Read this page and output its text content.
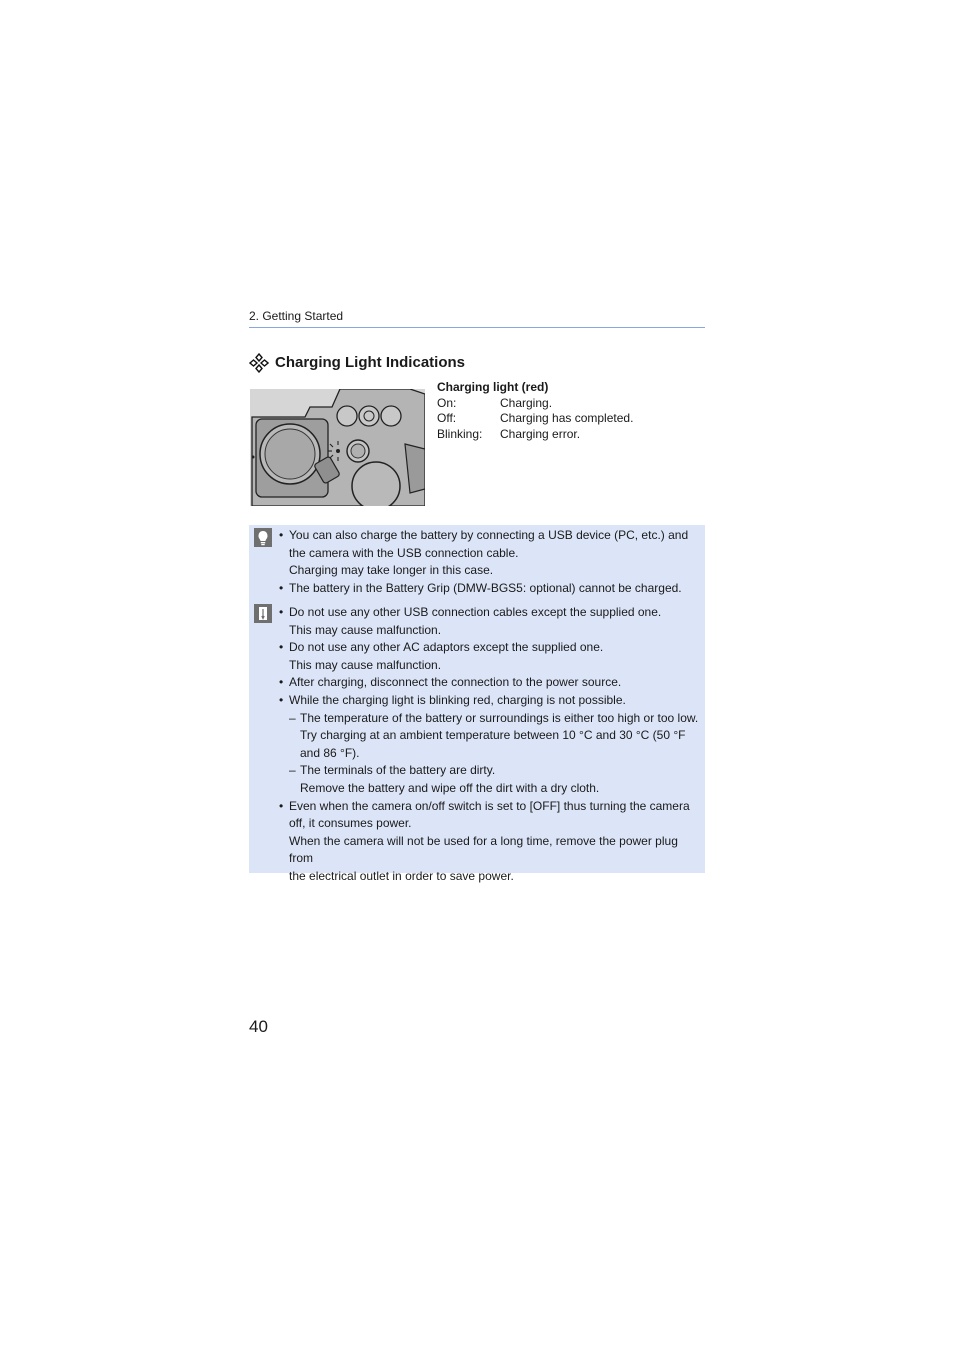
2. Getting Started
Charging Light Indications
Charging light (red)
On:	Charging.
Off:	Charging has completed.
Blinking:	Charging error.
• You can also charge the battery by connecting a USB device (PC, etc.) and
the camera with the USB connection cable.
Charging may take longer in this case.
• The battery in the Battery Grip (DMW-BGS5: optional) cannot be charged.
• Do not use any other USB connection cables except the supplied one.
This may cause malfunction.
• Do not use any other AC adaptors except the supplied one.
This may cause malfunction.
• After charging, disconnect the connection to the power source.
• While the charging light is blinking red, charging is not possible.
– The temperature of the battery or surroundings is either too high or too low.
Try charging at an ambient temperature between 10 °C and 30 °C (50 °F
and 86 °F).
– The terminals of the battery are dirty.
Remove the battery and wipe off the dirt with a dry cloth.
• Even when the camera on/off switch is set to [OFF] thus turning the camera
off, it consumes power.
When the camera will not be used for a long time, remove the power plug from
the electrical outlet in order to save power.
40
